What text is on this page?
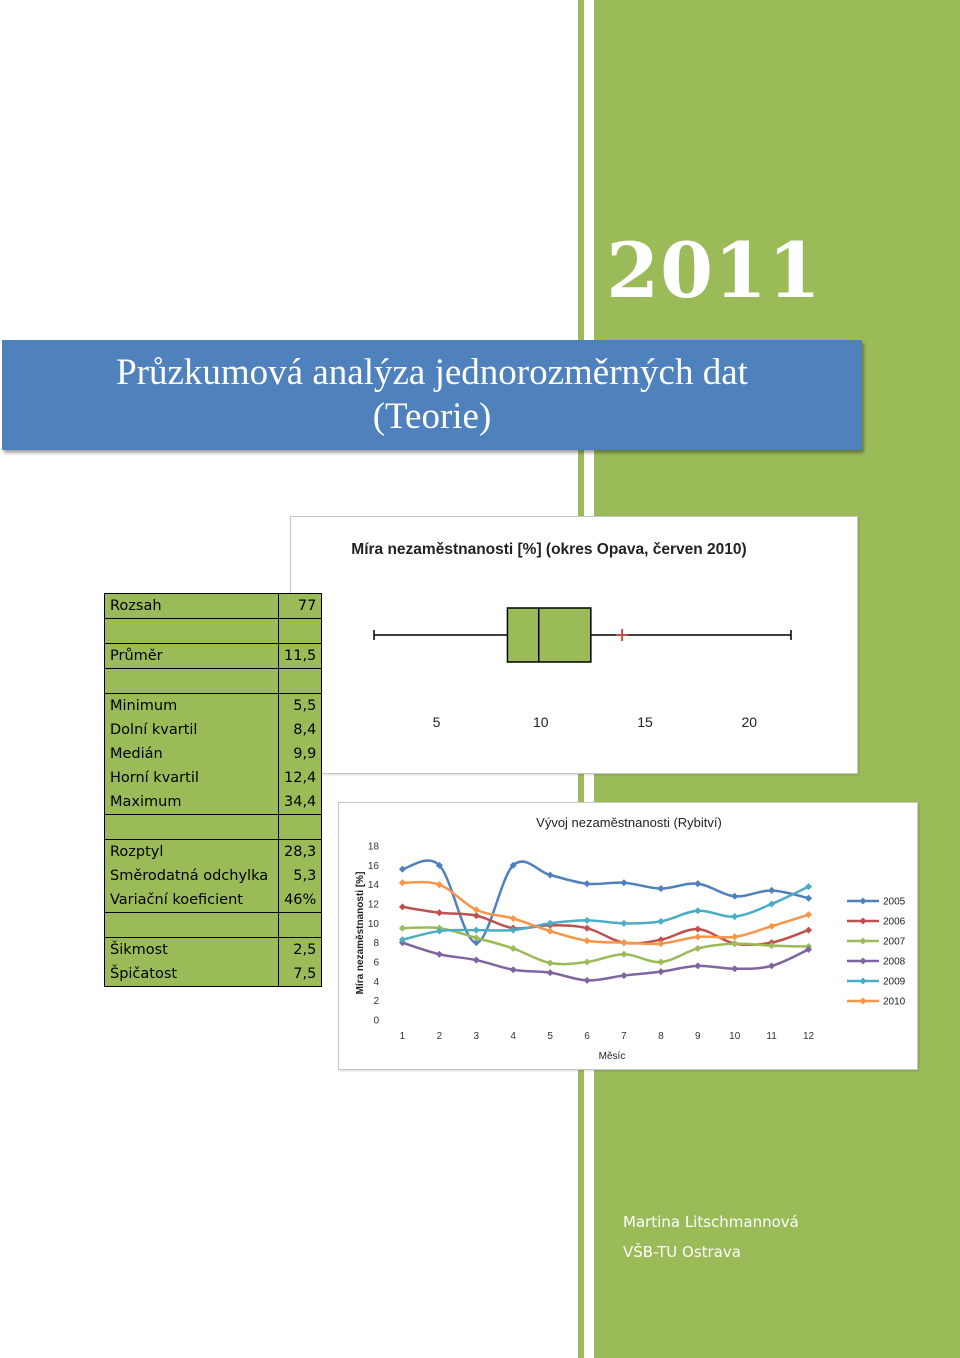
2011
Průzkumová analýza jednorozměrných dat
(Teorie)
Míra nezaměstnanosti [%] (okres Opava, červen 2010)
5	10	15	20
Rozsah	77

Průměr	11,5

Minimum	5,5
Dolní kvartil	8,4
Medián	9,9
Horní kvartil	12,4
Maximum	34,4

Rozptyl	28,3
Směrodatná odchylka	5,3
Variační koeficient	46%

Šikmost	2,5
Špičatost	7,5
Vývoj nezaměstnanosti (Rybitví)
Měsíc
Míra nezaměstnanosti [%]
0
2
4
6
8
10
12
14
16
18
1	2	3	4	5	6	7	8	9	10	11	12
2005
2006
2007
2008
2009
2010
Martina Litschmannová
VŠB-TU Ostrava
